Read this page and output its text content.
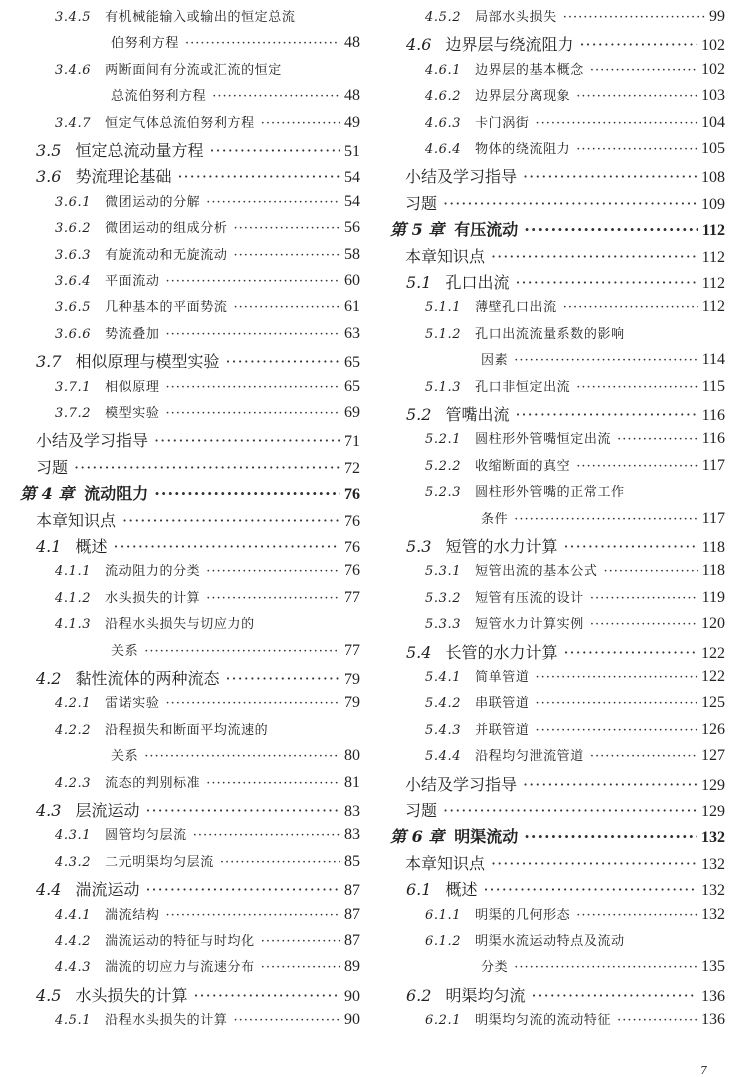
3.4.5 有机械能输入或输出的恒定总流
伯努利方程 ·····	48
3.4.6 两断面间有分流或汇流的恒定
总流伯努利方程 ·····	48
3.4.7 恒定气体总流伯努利方程 ·····	49
3.5 恒定总流动量方程 ·····	51
3.6 势流理论基础 ·····	54
3.6.1 微团运动的分解 ·····	54
3.6.2 微团运动的组成分析 ·····	56
3.6.3 有旋流动和无旋流动 ·····	58
3.6.4 平面流动 ·····	60
3.6.5 几种基本的平面势流 ·····	61
3.6.6 势流叠加 ·····	63
3.7 相似原理与模型实验 ·····	65
3.7.1 相似原理 ·····	65
3.7.2 模型实验 ·····	69
小结及学习指导 ·····	71
习题 ·····	72
第 4 章 流动阻力 ·····	76
本章知识点 ·····	76
4.1 概述 ·····	76
4.1.1 流动阻力的分类 ·····	76
4.1.2 水头损失的计算 ·····	77
4.1.3 沿程水头损失与切应力的
关系 ·····	77
4.2 黏性流体的两种流态 ·····	79
4.2.1 雷诺实验 ·····	79
4.2.2 沿程损失和断面平均流速的
关系 ·····	80
4.2.3 流态的判别标准 ·····	81
4.3 层流运动 ·····	83
4.3.1 圆管均匀层流 ·····	83
4.3.2 二元明渠均匀层流 ·····	85
4.4 湍流运动 ·····	87
4.4.1 湍流结构 ·····	87
4.4.2 湍流运动的特征与时均化 ·····	87
4.4.3 湍流的切应力与流速分布 ·····	89
4.5 水头损失的计算 ·····	90
4.5.1 沿程水头损失的计算 ·····	90
4.5.2 局部水头损失 ·····	99
4.6 边界层与绕流阻力 ·····	102
4.6.1 边界层的基本概念 ·····	102
4.6.2 边界层分离现象 ·····	103
4.6.3 卡门涡街 ·····	104
4.6.4 物体的绕流阻力 ·····	105
小结及学习指导 ·····	108
习题 ·····	109
第 5 章 有压流动 ·····	112
本章知识点 ·····	112
5.1 孔口出流 ·····	112
5.1.1 薄壁孔口出流 ·····	112
5.1.2 孔口出流流量系数的影响
因素 ·····	114
5.1.3 孔口非恒定出流 ·····	115
5.2 管嘴出流 ·····	116
5.2.1 圆柱形外管嘴恒定出流 ·····	116
5.2.2 收缩断面的真空 ·····	117
5.2.3 圆柱形外管嘴的正常工作
条件 ·····	117
5.3 短管的水力计算 ·····	118
5.3.1 短管出流的基本公式 ·····	118
5.3.2 短管有压流的设计 ·····	119
5.3.3 短管水力计算实例 ·····	120
5.4 长管的水力计算 ·····	122
5.4.1 简单管道 ·····	122
5.4.2 串联管道 ·····	125
5.4.3 并联管道 ·····	126
5.4.4 沿程均匀泄流管道 ·····	127
小结及学习指导 ·····	129
习题 ·····	129
第 6 章 明渠流动 ·····	132
本章知识点 ·····	132
6.1 概述 ·····	132
6.1.1 明渠的几何形态 ·····	132
6.1.2 明渠水流运动特点及流动
分类 ·····	135
6.2 明渠均匀流 ·····	136
6.2.1 明渠均匀流的流动特征 ·····	136
7
